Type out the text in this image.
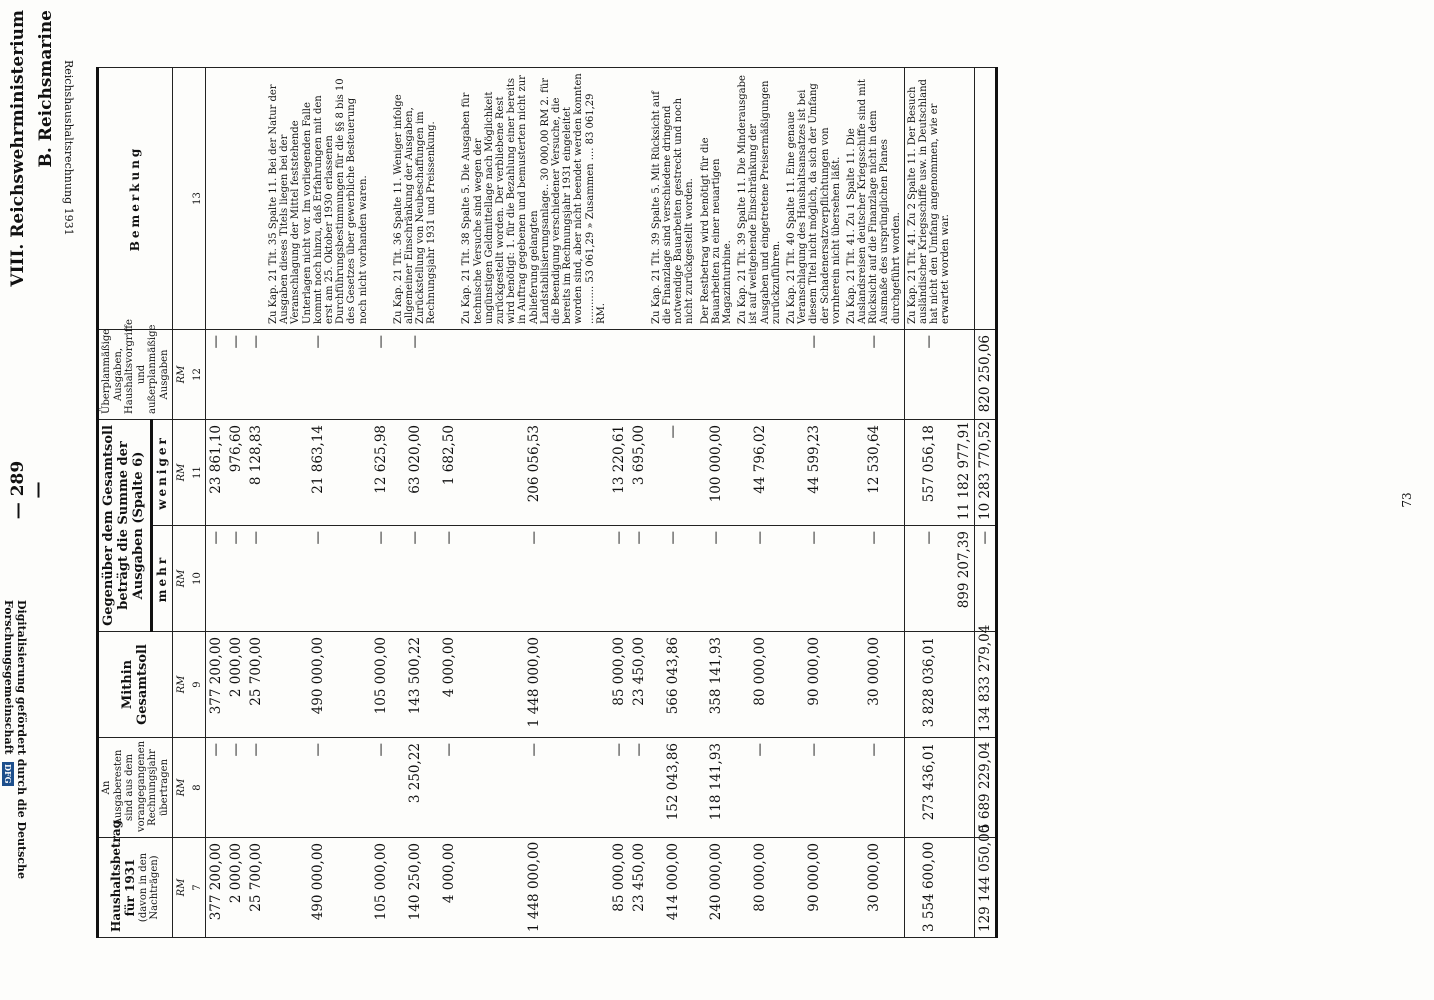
— 289 —
VIII. Reichswehrministerium B. Reichsmarine
Haushaltsbetrag für 1931 (davon in den Nachträgen)	An Ausgaberesten sind aus dem vorangegangenen Rechnungsjahr übertragen	Mithin Gesamtsoll	Gegenüber dem Gesamtsoll beträgt die Summe der Ausgaben (Spalte 6)		Überplanmäßige Ausgaben, Haushaltsvorgriffe und außerplanmäßige Ausgaben	Bemerkung
			mehr	weniger		
RM	RM	RM	RM	RM	RM	
7	8	9	10	11	12	13
377 200,00	—	377 200,00	—	23 861,10	—	
2 000,00	—	2 000,00	—	976,60	—	
25 700,00	—	25 700,00	—	8 128,83	—	
490 000,00	—	490 000,00	—	21 863,14	—	Zu Kap. 21 Tit. 35 Spalte 11. Bei der Natur der Ausgaben dieses Titels liegen bei der Veranschlagung der Mittel feststehende Unterlagen nicht vor. Im vorliegenden Falle kommt noch hinzu, daß Erfahrungen mit den erst am 25. Oktober 1930 erlassenen Durchführungsbestimmungen für die §§ 8 bis 10 des Gesetzes über gewerbliche Besteuerung noch nicht vorhanden waren.
105 000,00	—	105 000,00	—	12 625,98	—	
140 250,00	3 250,22	143 500,22	—	63 020,00	—	Zu Kap. 21 Tit. 36 Spalte 11. Weniger infolge allgemeiner Einschränkung der Ausgaben, Zurückstellung von Neubeschaffungen im Rechnungsjahr 1931 und Preissenkung.
4 000,00	—	4 000,00	—	1 682,50		
1 448 000,00	—	1 448 000,00	—	206 056,53		Zu Kap. 21 Tit. 38 Spalte 5. Die Ausgaben für technische Versuche sind wegen der ungünstigen Geldmittellage nach Möglichkeit zurückgestellt worden. Der verbliebene Rest wird benötigt: 1. für die Bezahlung einer bereits in Auftrag gegebenen und bemusterten nicht zur Ablieferung gelangten Landstabilisierungsanlage.. 30 000,00 RM 2. für die Beendigung verschiedener Versuche, die bereits im Rechnungsjahr 1931 eingeleitet worden sind, aber nicht beendet werden konnten ............ 53 061,29 » Zusammen .... 83 061,29 RM.
85 000,00	—	85 000,00	—	13 220,61		
23 450,00	—	23 450,00	—	3 695,00		
414 000,00	152 043,86	566 043,86	—	—		Zu Kap. 21 Tit. 39 Spalte 5. Mit Rücksicht auf die Finanzlage sind verschiedene dringend notwendige Bauarbeiten gestreckt und noch nicht zurückgestellt worden.
240 000,00	118 141,93	358 141,93	—	100 000,00		Der Restbetrag wird benötigt für die Bauarbeiten zu einer neuartigen Magazinturbine.
80 000,00	—	80 000,00	—	44 796,02		Zu Kap. 21 Tit. 39 Spalte 11. Die Minderausgabe ist auf weitgehende Einschränkung der Ausgaben und eingetretene Preisermäßigungen zurückzuführen.
90 000,00	—	90 000,00	—	44 599,23	—	Zu Kap. 21 Tit. 40 Spalte 11. Eine genaue Veranschlagung des Haushaltsansatzes ist bei diesem Titel nicht möglich, da sich der Umfang der Schadenersatzverpflichtungen von vornherein nicht übersehen läßt.
30 000,00	—	30 000,00	—	12 530,64	—	Zu Kap. 21 Tit. 41. Zu 1 Spalte 11. Die Auslandsreisen deutscher Kriegsschiffe sind mit Rücksicht auf die Finanzlage nicht in dem Ausmaße des ursprünglichen Planes durchgeführt worden.
3 554 600,00	273 436,01	3 828 036,01	—	557 056,18	—	Zu Kap. 21 Tit. 41. Zu 2 Spalte 11. Der Besuch ausländischer Kriegsschiffe usw. in Deutschland hat nicht den Umfang angenommen, wie er erwartet worden war.
			899 207,39	11 182 977,91		
129 144 050,00	5 689 229,04	134 833 279,04	—	10 283 770,52	820 250,06	
73
Reichshaushaltsrechnung 1931
Digitalisierung gefördert durch die Deutsche Forschungsgemeinschaft DFG
